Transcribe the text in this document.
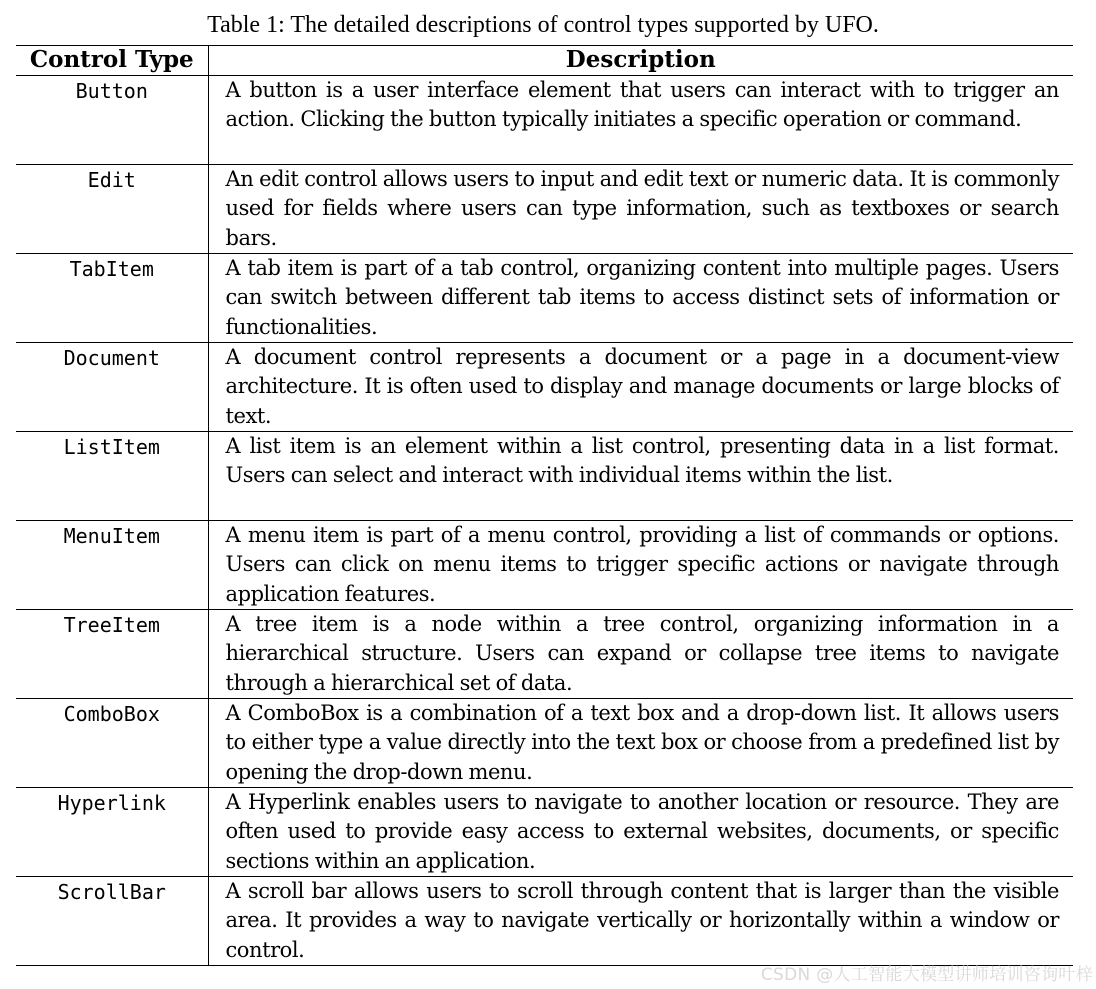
Table 1: The detailed descriptions of control types supported by UFO.
Control Type	Description
Button	A button is a user interface element that users can interact with to trigger an action. Clicking the button typically initiates a specific operation or command.
Edit	An edit control allows users to input and edit text or numeric data. It is commonly used for fields where users can type information, such as textboxes or search bars.
TabItem	A tab item is part of a tab control, organizing content into multiple pages. Users can switch between different tab items to access distinct sets of information or functionalities.
Document	A document control represents a document or a page in a document-view architecture. It is often used to display and manage documents or large blocks of text.
ListItem	A list item is an element within a list control, presenting data in a list format. Users can select and interact with individual items within the list.
MenuItem	A menu item is part of a menu control, providing a list of commands or options. Users can click on menu items to trigger specific actions or navigate through application features.
TreeItem	A tree item is a node within a tree control, organizing information in a hierarchical structure. Users can expand or collapse tree items to navigate through a hierarchical set of data.
ComboBox	A ComboBox is a combination of a text box and a drop-down list. It allows users to either type a value directly into the text box or choose from a predefined list by opening the drop-down menu.
Hyperlink	A Hyperlink enables users to navigate to another location or resource. They are often used to provide easy access to external websites, documents, or specific sections within an application.
ScrollBar	A scroll bar allows users to scroll through content that is larger than the visible area. It provides a way to navigate vertically or horizontally within a window or control.
CSDN @人工智能大模型讲师培训咨询叶梓
